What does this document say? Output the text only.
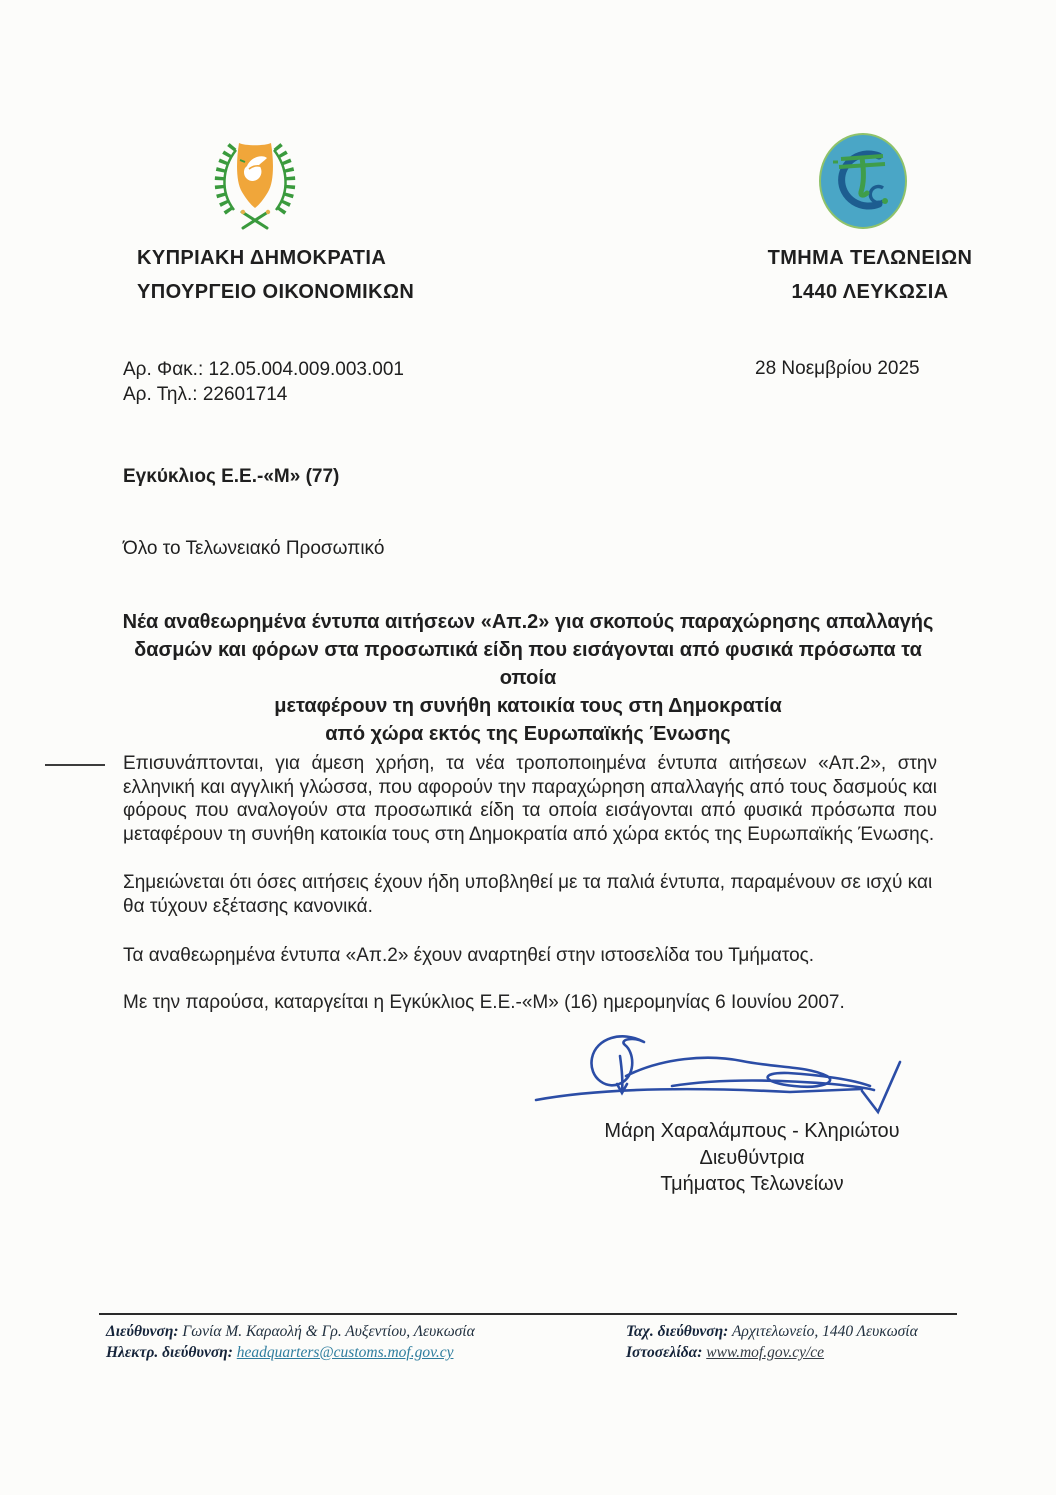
ΚΥΠΡΙΑΚΗ ΔΗΜΟΚΡΑΤΙΑ
ΥΠΟΥΡΓΕΙΟ ΟΙΚΟΝΟΜΙΚΩΝ
ΤΜΗΜΑ ΤΕΛΩΝΕΙΩΝ
1440 ΛΕΥΚΩΣΙΑ
Αρ. Φακ.: 12.05.004.009.003.001
Αρ. Τηλ.: 22601714
28 Νοεμβρίου 2025
Εγκύκλιος Ε.Ε.-«Μ» (77)
Όλο το Τελωνειακό Προσωπικό
Νέα αναθεωρημένα έντυπα αιτήσεων «Απ.2» για σκοπούς παραχώρησης απαλλαγής
δασμών και φόρων στα προσωπικά είδη που εισάγονται από φυσικά πρόσωπα τα οποία
μεταφέρουν τη συνήθη κατοικία τους στη Δημοκρατία
από χώρα εκτός της Ευρωπαϊκής Ένωσης
Επισυνάπτονται, για άμεση χρήση, τα νέα τροποποιημένα έντυπα αιτήσεων «Απ.2», στην ελληνική και αγγλική γλώσσα, που αφορούν την παραχώρηση απαλλαγής από τους δασμούς και φόρους που αναλογούν στα προσωπικά είδη τα οποία εισάγονται από φυσικά πρόσωπα που μεταφέρουν τη συνήθη κατοικία τους στη Δημοκρατία από χώρα εκτός της Ευρωπαϊκής Ένωσης.
Σημειώνεται ότι όσες αιτήσεις έχουν ήδη υποβληθεί με τα παλιά έντυπα, παραμένουν σε ισχύ και θα τύχουν εξέτασης κανονικά.
Τα αναθεωρημένα έντυπα «Απ.2» έχουν αναρτηθεί στην ιστοσελίδα του Τμήματος.
Με την παρούσα, καταργείται η Εγκύκλιος Ε.Ε.-«Μ» (16) ημερομηνίας 6 Ιουνίου 2007.
Μάρη Χαραλάμπους - Κληριώτου
Διευθύντρια
Τμήματος Τελωνείων
Διεύθυνση: Γωνία Μ. Καραολή & Γρ. Αυξεντίου, Λευκωσία
Ηλεκτρ. διεύθυνση: headquarters@customs.mof.gov.cy
Ταχ. διεύθυνση: Αρχιτελωνείο, 1440 Λευκωσία
Ιστοσελίδα: www.mof.gov.cy/ce
